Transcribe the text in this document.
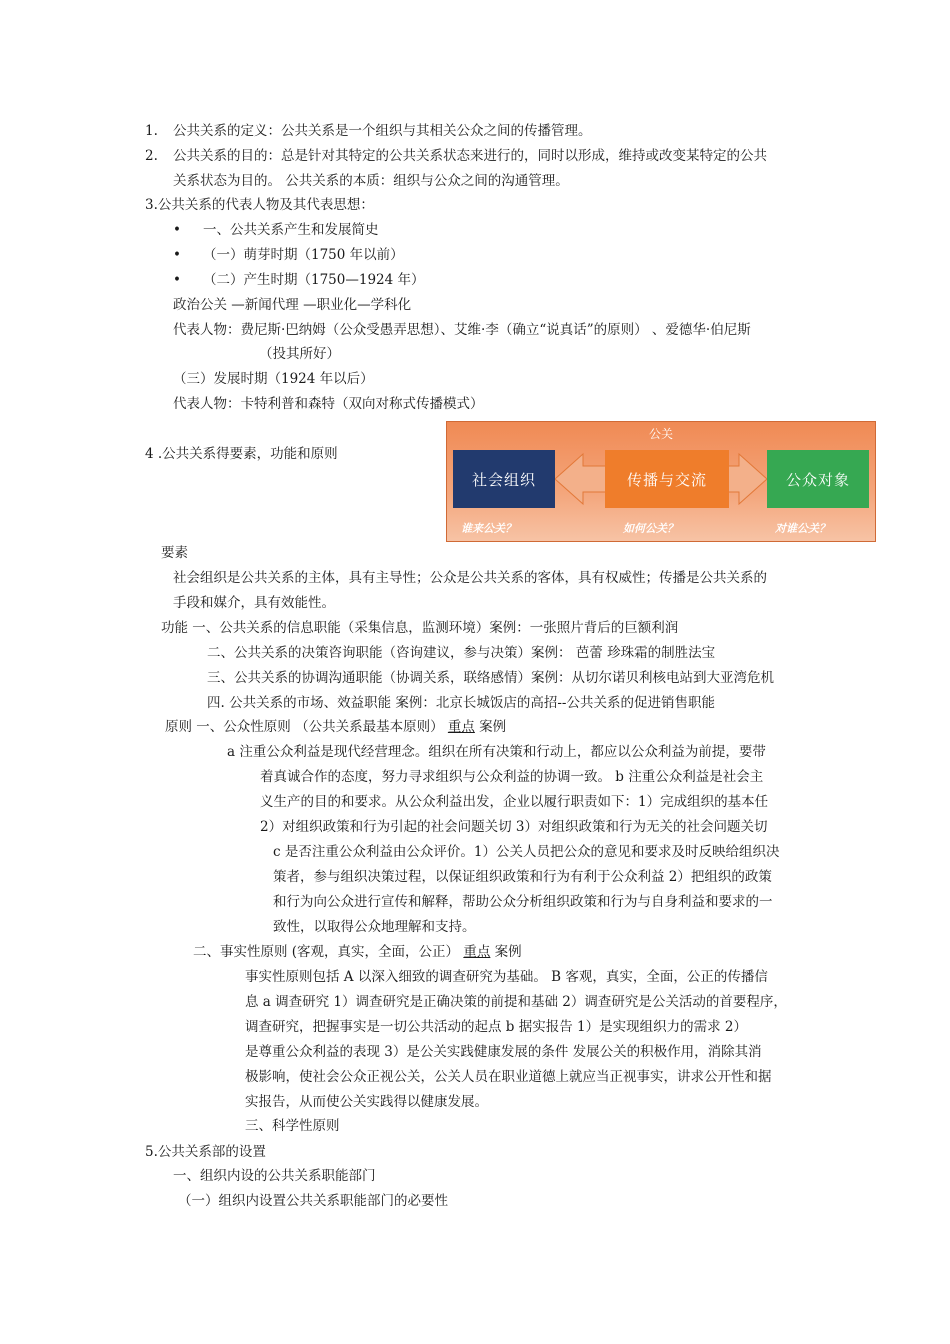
1. 公共关系的定义：公共关系是一个组织与其相关公众之间的传播管理。
2. 公共关系的目的：总是针对其特定的公共关系状态来进行的，同时以形成，维持或改变某特定的公共
关系状态为目的。 公共关系的本质：组织与公众之间的沟通管理。
3.公共关系的代表人物及其代表思想：
• 一、公共关系产生和发展简史
• （一）萌芽时期（1750 年以前）
• （二）产生时期（1750—1924 年）
政治公关 —新闻代理 —职业化—学科化
代表人物：费尼斯·巴纳姆（公众受愚弄思想）、艾维·李（确立“说真话”的原则） 、爱德华·伯尼斯
（投其所好）
（三）发展时期（1924 年以后）
代表人物：卡特利普和森特（双向对称式传播模式）
4 .公共关系得要素，功能和原则
公关
社会组织	传播与交流	公众对象
谁来公关？	如何公关？	对谁公关？
要素
社会组织是公共关系的主体，具有主导性；公众是公共关系的客体，具有权威性；传播是公共关系的
手段和媒介，具有效能性。
功能 一、公共关系的信息职能（采集信息，监测环境）案例：一张照片背后的巨额利润
二、公共关系的决策咨询职能（咨询建议，参与决策）案例： 芭蕾 珍珠霜的制胜法宝
三、公共关系的协调沟通职能（协调关系，联络感情）案例：从切尔诺贝利核电站到大亚湾危机
四. 公共关系的市场、效益职能 案例：北京长城饭店的高招--公共关系的促进销售职能
原则 一、公众性原则 （公共关系最基本原则） 重点 案例
a 注重公众利益是现代经营理念。组织在所有决策和行动上，都应以公众利益为前提，要带
着真诚合作的态度，努力寻求组织与公众利益的协调一致。 b 注重公众利益是社会主
义生产的目的和要求。从公众利益出发，企业以履行职责如下：1）完成组织的基本任
2）对组织政策和行为引起的社会问题关切 3）对组织政策和行为无关的社会问题关切
c 是否注重公众利益由公众评价。1）公关人员把公众的意见和要求及时反映给组织决
策者，参与组织决策过程，以保证组织政策和行为有利于公众利益 2）把组织的政策
和行为向公众进行宣传和解释，帮助公众分析组织政策和行为与自身利益和要求的一
致性，以取得公众地理解和支持。
二、事实性原则 (客观，真实，全面，公正） 重点 案例
事实性原则包括 A 以深入细致的调查研究为基础。 B 客观，真实，全面，公正的传播信
息 a 调查研究 1）调查研究是正确决策的前提和基础 2）调查研究是公关活动的首要程序，
调查研究，把握事实是一切公共活动的起点 b 据实报告 1）是实现组织力的需求 2）
是尊重公众利益的表现 3）是公关实践健康发展的条件 发展公关的积极作用，消除其消
极影响，使社会公众正视公关，公关人员在职业道德上就应当正视事实，讲求公开性和据
实报告，从而使公关实践得以健康发展。
三、科学性原则
5.公共关系部的设置
一、组织内设的公共关系职能部门
（一）组织内设置公共关系职能部门的必要性
